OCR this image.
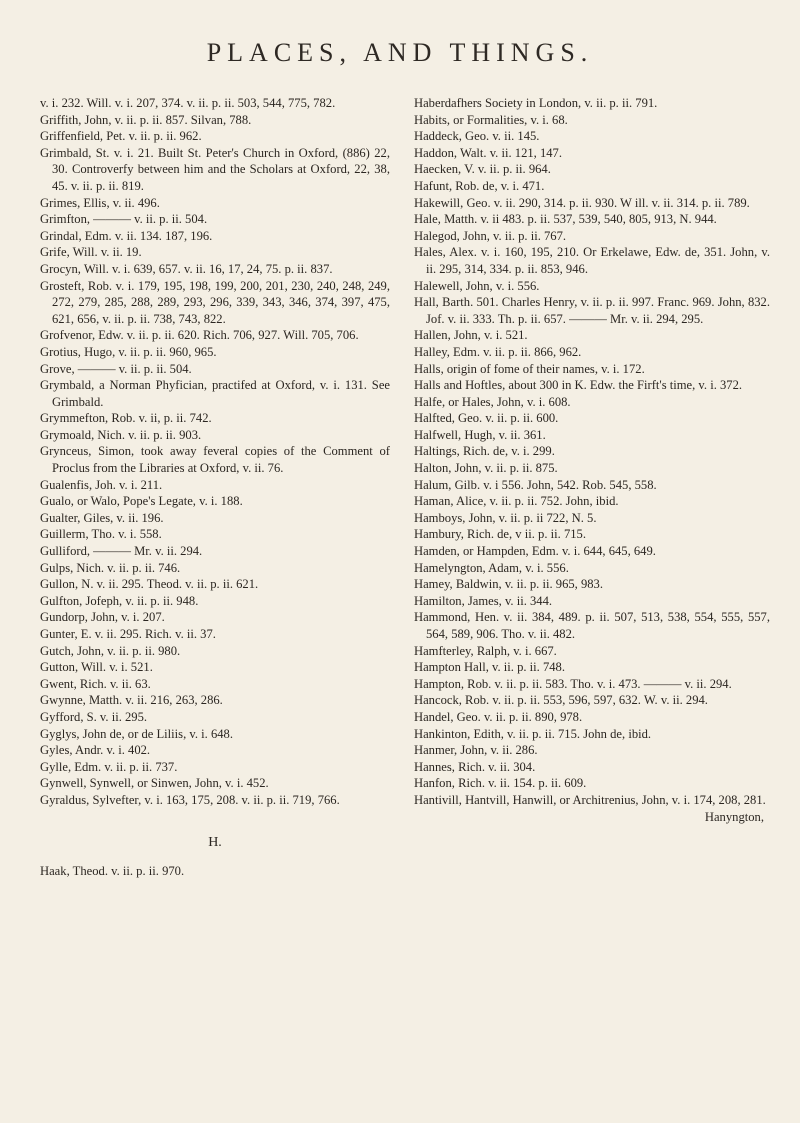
PLACES, AND THINGS.

v. i. 232. Will. v. i. 207, 374. v. ii. p. ii. 503, 544, 775, 782.

Griffith, John, v. ii. p. ii. 857. Silvan, 788.

Griffenfield, Pet. v. ii. p. ii. 962.

Grimbald, St. v. i. 21. Built St. Peter's Church in Oxford, (886) 22, 30. Controverfy between him and the Scholars at Oxford, 22, 38, 45. v. ii. p. ii. 819.

Grimes, Ellis, v. ii. 496.

Grimfton, ——— v. ii. p. ii. 504.

Grindal, Edm. v. ii. 134. 187, 196.

Grife, Will. v. ii. 19.

Grocyn, Will. v. i. 639, 657. v. ii. 16, 17, 24, 75. p. ii. 837.

Grosteft, Rob. v. i. 179, 195, 198, 199, 200, 201, 230, 240, 248, 249, 272, 279, 285, 288, 289, 293, 296, 339, 343, 346, 374, 397, 475, 621, 656, v. ii. p. ii. 738, 743, 822.

Grofvenor, Edw. v. ii. p. ii. 620. Rich. 706, 927. Will. 705, 706.

Grotius, Hugo, v. ii. p. ii. 960, 965.

Grove, ——— v. ii. p. ii. 504.

Grymbald, a Norman Phyfician, practifed at Oxford, v. i. 131. See Grimbald.

Grymmefton, Rob. v. ii, p. ii. 742.

Grymoald, Nich. v. ii. p. ii. 903.

Grynceus, Simon, took away feveral copies of the Comment of Proclus from the Libraries at Oxford, v. ii. 76.

Gualenfis, Joh. v. i. 211.

Gualo, or Walo, Pope's Legate, v. i. 188.

Gualter, Giles, v. ii. 196.

Guillerm, Tho. v. i. 558.

Gulliford, ——— Mr. v. ii. 294.

Gulps, Nich. v. ii. p. ii. 746.

Gullon, N. v. ii. 295. Theod. v. ii. p. ii. 621.

Gulfton, Jofeph, v. ii. p. ii. 948.

Gundorp, John, v. i. 207.

Gunter, E. v. ii. 295. Rich. v. ii. 37.

Gutch, John, v. ii. p. ii. 980.

Gutton, Will. v. i. 521.

Gwent, Rich. v. ii. 63.

Gwynne, Matth. v. ii. 216, 263, 286.

Gyfford, S. v. ii. 295.

Gyglys, John de, or de Liliis, v. i. 648.

Gyles, Andr. v. i. 402.

Gylle, Edm. v. ii. p. ii. 737.

Gynwell, Synwell, or Sinwen, John, v. i. 452.

Gyraldus, Sylvefter, v. i. 163, 175, 208. v. ii. p. ii. 719, 766.

H.

Haak, Theod. v. ii. p. ii. 970.

Haberdafhers Society in London, v. ii. p. ii. 791.

Habits, or Formalities, v. i. 68.

Haddeck, Geo. v. ii. 145.

Haddon, Walt. v. ii. 121, 147.

Haecken, V. v. ii. p. ii. 964.

Hafunt, Rob. de, v. i. 471.

Hakewill, Geo. v. ii. 290, 314. p. ii. 930. W ill. v. ii. 314. p. ii. 789.

Hale, Matth. v. ii 483. p. ii. 537, 539, 540, 805, 913, N. 944.

Halegod, John, v. ii. p. ii. 767.

Hales, Alex. v. i. 160, 195, 210. Or Erkelawe, Edw. de, 351. John, v. ii. 295, 314, 334. p. ii. 853, 946.

Halewell, John, v. i. 556.

Hall, Barth. 501. Charles Henry, v. ii. p. ii. 997. Franc. 969. John, 832. Jof. v. ii. 333. Th. p. ii. 657. ——— Mr. v. ii. 294, 295.

Hallen, John, v. i. 521.

Halley, Edm. v. ii. p. ii. 866, 962.

Halls, origin of fome of their names, v. i. 172.

Halls and Hoftles, about 300 in K. Edw. the Firft's time, v. i. 372.

Halfe, or Hales, John, v. i. 608.

Halfted, Geo. v. ii. p. ii. 600.

Halfwell, Hugh, v. ii. 361.

Haltings, Rich. de, v. i. 299.

Halton, John, v. ii. p. ii. 875.

Halum, Gilb. v. i 556. John, 542. Rob. 545, 558.

Haman, Alice, v. ii. p. ii. 752. John, ibid.

Hamboys, John, v. ii. p. ii 722, N. 5.

Hambury, Rich. de, v ii. p. ii. 715.

Hamden, or Hampden, Edm. v. i. 644, 645, 649.

Hamelyngton, Adam, v. i. 556.

Hamey, Baldwin, v. ii. p. ii. 965, 983.

Hamilton, James, v. ii. 344.

Hammond, Hen. v. ii. 384, 489. p. ii. 507, 513, 538, 554, 555, 557, 564, 589, 906. Tho. v. ii. 482.

Hamfterley, Ralph, v. i. 667.

Hampton Hall, v. ii. p. ii. 748.

Hampton, Rob. v. ii. p. ii. 583. Tho. v. i. 473. ——— v. ii. 294.

Hancock, Rob. v. ii. p. ii. 553, 596, 597, 632. W. v. ii. 294.

Handel, Geo. v. ii. p. ii. 890, 978.

Hankinton, Edith, v. ii. p. ii. 715. John de, ibid.

Hanmer, John, v. ii. 286.

Hannes, Rich. v. ii. 304.

Hanfon, Rich. v. ii. 154. p. ii. 609.

Hantivill, Hantvill, Hanwill, or Architrenius, John, v. i. 174, 208, 281.

Hanyngton,
